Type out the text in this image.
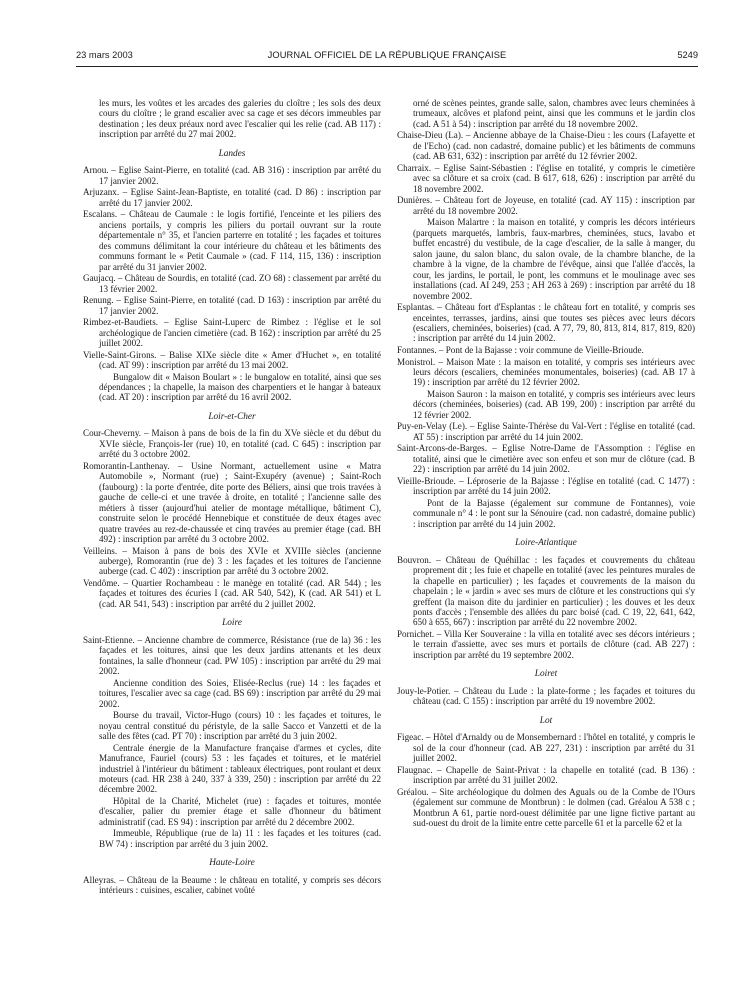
23 mars 2003	JOURNAL OFFICIEL DE LA RÉPUBLIQUE FRANÇAISE	5249
les murs, les voûtes et les arcades des galeries du cloître ; les sols des deux cours du cloître ; le grand escalier avec sa cage et ses décors immeubles par destination ; les deux préaux nord avec l'escalier qui les relie (cad. AB 117) : inscription par arrêté du 27 mai 2002.
Landes
Arnou. – Eglise Saint-Pierre, en totalité (cad. AB 316) : inscription par arrêté du 17 janvier 2002.
Arjuzanx. – Eglise Saint-Jean-Baptiste, en totalité (cad. D 86) : inscription par arrêté du 17 janvier 2002.
Escalans. – Château de Caumale : le logis fortifié, l'enceinte et les piliers des anciens portails, y compris les piliers du portail ouvrant sur la route départementale n° 35, et l'ancien parterre en totalité ; les façades et toitures des communs délimitant la cour intérieure du château et les bâtiments des communs formant le « Petit Caumale » (cad. F 114, 115, 136) : inscription par arrêté du 31 janvier 2002.
Gaujacq. – Château de Sourdis, en totalité (cad. ZO 68) : classement par arrêté du 13 février 2002.
Renung. – Eglise Saint-Pierre, en totalité (cad. D 163) : inscription par arrêté du 17 janvier 2002.
Rimbez-et-Baudiets. – Eglise Saint-Luperc de Rimbez : l'église et le sol archéologique de l'ancien cimetière (cad. B 162) : inscription par arrêté du 25 juillet 2002.
Vielle-Saint-Girons. – Balise XIXe siècle dite « Amer d'Huchet », en totalité (cad. AT 99) : inscription par arrêté du 13 mai 2002.
Bungalow dit « Maison Boulart » : le bungalow en totalité, ainsi que ses dépendances ; la chapelle, la maison des charpentiers et le hangar à bateaux (cad. AT 20) : inscription par arrêté du 16 avril 2002.
Loir-et-Cher
Cour-Cheverny. – Maison à pans de bois de la fin du XVe siècle et du début du XVIe siècle, François-Ier (rue) 10, en totalité (cad. C 645) : inscription par arrêté du 3 octobre 2002.
Romorantin-Lanthenay. – Usine Normant, actuellement usine « Matra Automobile », Normant (rue) ; Saint-Exupéry (avenue) ; Saint-Roch (faubourg) : la porte d'entrée, dite porte des Béliers, ainsi que trois travées à gauche de celle-ci et une travée à droite, en totalité ; l'ancienne salle des métiers à tisser (aujourd'hui atelier de montage métallique, bâtiment C), construite selon le procédé Hennebique et constituée de deux étages avec quatre travées au rez-de-chaussée et cinq travées au premier étage (cad. BH 492) : inscription par arrêté du 3 octobre 2002.
Veilleins. – Maison à pans de bois des XVIe et XVIIIe siècles (ancienne auberge), Romorantin (rue de) 3 : les façades et les toitures de l'ancienne auberge (cad. C 402) : inscription par arrêté du 3 octobre 2002.
Vendôme. – Quartier Rochambeau : le manège en totalité (cad. AR 544) ; les façades et toitures des écuries I (cad. AR 540, 542), K (cad. AR 541) et L (cad. AR 541, 543) : inscription par arrêté du 2 juillet 2002.
Loire
Saint-Etienne. – Ancienne chambre de commerce, Résistance (rue de la) 36 : les façades et les toitures, ainsi que les deux jardins attenants et les deux fontaines, la salle d'honneur (cad. PW 105) : inscription par arrêté du 29 mai 2002.
Ancienne condition des Soies, Elisée-Reclus (rue) 14 : les façades et toitures, l'escalier avec sa cage (cad. BS 69) : inscription par arrêté du 29 mai 2002.
Bourse du travail, Victor-Hugo (cours) 10 : les façades et toitures, le noyau central constitué du péristyle, de la salle Sacco et Vanzetti et de la salle des fêtes (cad. PT 70) : inscription par arrêté du 3 juin 2002.
Centrale énergie de la Manufacture française d'armes et cycles, dite Manufrance, Fauriel (cours) 53 : les façades et toitures, et le matériel industriel à l'intérieur du bâtiment : tableaux électriques, pont roulant et deux moteurs (cad. HR 238 à 240, 337 à 339, 250) : inscription par arrêté du 22 décembre 2002.
Hôpital de la Charité, Michelet (rue) : façades et toitures, montée d'escalier, palier du premier étage et salle d'honneur du bâtiment administratif (cad. ES 94) : inscription par arrêté du 2 décembre 2002.
Immeuble, République (rue de la) 11 : les façades et les toitures (cad. BW 74) : inscription par arrêté du 3 juin 2002.
Haute-Loire
Alleyras. – Château de la Beaume : le château en totalité, y compris ses décors intérieurs : cuisines, escalier, cabinet voûté
orné de scènes peintes, grande salle, salon, chambres avec leurs cheminées à trumeaux, alcôves et plafond peint, ainsi que les communs et le jardin clos (cad. A 51 à 54) : inscription par arrêté du 18 novembre 2002.
Chaise-Dieu (La). – Ancienne abbaye de la Chaise-Dieu : les cours (Lafayette et de l'Echo) (cad. non cadastré, domaine public) et les bâtiments de communs (cad. AB 631, 632) : inscription par arrêté du 12 février 2002.
Charraix. – Eglise Saint-Sébastien : l'église en totalité, y compris le cimetière avec sa clôture et sa croix (cad. B 617, 618, 626) : inscription par arrêté du 18 novembre 2002.
Dunières. – Château fort de Joyeuse, en totalité (cad. AY 115) : inscription par arrêté du 18 novembre 2002.
Maison Malartre : la maison en totalité, y compris les décors intérieurs (parquets marquetés, lambris, faux-marbres, cheminées, stucs, lavabo et buffet encastré) du vestibule, de la cage d'escalier, de la salle à manger, du salon jaune, du salon blanc, du salon ovale, de la chambre blanche, de la chambre à la vigne, de la chambre de l'évêque, ainsi que l'allée d'accès, la cour, les jardins, le portail, le pont, les communs et le moulinage avec ses installations (cad. AI 249, 253 ; AH 263 à 269) : inscription par arrêté du 18 novembre 2002.
Esplantas. – Château fort d'Esplantas : le château fort en totalité, y compris ses enceintes, terrasses, jardins, ainsi que toutes ses pièces avec leurs décors (escaliers, cheminées, boiseries) (cad. A 77, 79, 80, 813, 814, 817, 819, 820) : inscription par arrêté du 14 juin 2002.
Fontannes. – Pont de la Bajasse : voir commune de Vieille-Brioude.
Monistrol. – Maison Mate : la maison en totalité, y compris ses intérieurs avec leurs décors (escaliers, cheminées monumentales, boiseries) (cad. AB 17 à 19) : inscription par arrêté du 12 février 2002.
Maison Sauron : la maison en totalité, y compris ses intérieurs avec leurs décors (cheminées, boiseries) (cad. AB 199, 200) : inscription par arrêté du 12 février 2002.
Puy-en-Velay (Le). – Eglise Sainte-Thérèse du Val-Vert : l'église en totalité (cad. AT 55) : inscription par arrêté du 14 juin 2002.
Saint-Arcons-de-Barges. – Eglise Notre-Dame de l'Assomption : l'église en totalité, ainsi que le cimetière avec son enfeu et son mur de clôture (cad. B 22) : inscription par arrêté du 14 juin 2002.
Vieille-Brioude. – Léproserie de la Bajasse : l'église en totalité (cad. C 1477) : inscription par arrêté du 14 juin 2002.
Pont de la Bajasse (également sur commune de Fontannes), voie communale n° 4 : le pont sur la Sénouire (cad. non cadastré, domaine public) : inscription par arrêté du 14 juin 2002.
Loire-Atlantique
Bouvron. – Château de Quéhillac : les façades et couvrements du château proprement dit ; les fuie et chapelle en totalité (avec les peintures murales de la chapelle en particulier) ; les façades et couvrements de la maison du chapelain ; le « jardin » avec ses murs de clôture et les constructions qui s'y greffent (la maison dite du jardinier en particulier) ; les douves et les deux ponts d'accès ; l'ensemble des allées du parc boisé (cad. C 19, 22, 641, 642, 650 à 655, 667) : inscription par arrêté du 22 novembre 2002.
Pornichet. – Villa Ker Souveraine : la villa en totalité avec ses décors intérieurs ; le terrain d'assiette, avec ses murs et portails de clôture (cad. AB 227) : inscription par arrêté du 19 septembre 2002.
Loiret
Jouy-le-Potier. – Château du Lude : la plate-forme ; les façades et toitures du château (cad. C 155) : inscription par arrêté du 19 novembre 2002.
Lot
Figeac. – Hôtel d'Arnaldy ou de Monsembernard : l'hôtel en totalité, y compris le sol de la cour d'honneur (cad. AB 227, 231) : inscription par arrêté du 31 juillet 2002.
Flaugnac. – Chapelle de Saint-Privat : la chapelle en totalité (cad. B 136) : inscription par arrêté du 31 juillet 2002.
Gréalou. – Site archéologique du dolmen des Aguals ou de la Combe de l'Ours (également sur commune de Montbrun) : le dolmen (cad. Gréalou A 538 c ; Montbrun A 61, partie nord-ouest délimitée par une ligne fictive partant au sud-ouest du droit de la limite entre cette parcelle 61 et la parcelle 62 et la
